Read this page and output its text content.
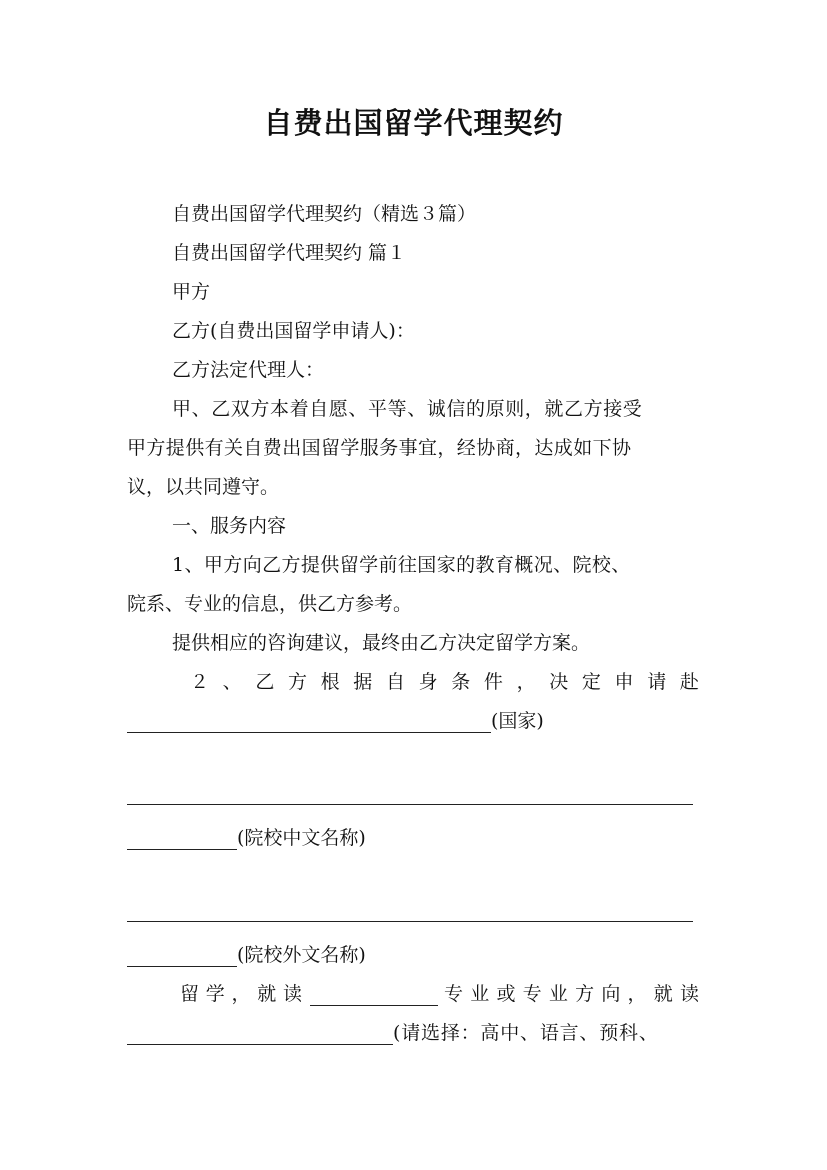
自费出国留学代理契约
自费出国留学代理契约（精选３篇）
自费出国留学代理契约 篇１
甲方
乙方(自费出国留学申请人)：
乙方法定代理人：
甲、乙双方本着自愿、平等、诚信的原则，就乙方接受
甲方提供有关自费出国留学服务事宜，经协商，达成如下协
议，以共同遵守。
一、服务内容
1、甲方向乙方提供留学前往国家的教育概况、院校、
院系、专业的信息，供乙方参考。
提供相应的咨询建议，最终由乙方决定留学方案。
２ 、 乙 方 根 据 自 身 条 件 ， 决 定 申 请 赴
(国家)
(院校中文名称)
(院校外文名称)
留 学 ， 就 读	专 业 或 专 业 方 向 ， 就 读
(请选择：高中、语言、预科、
